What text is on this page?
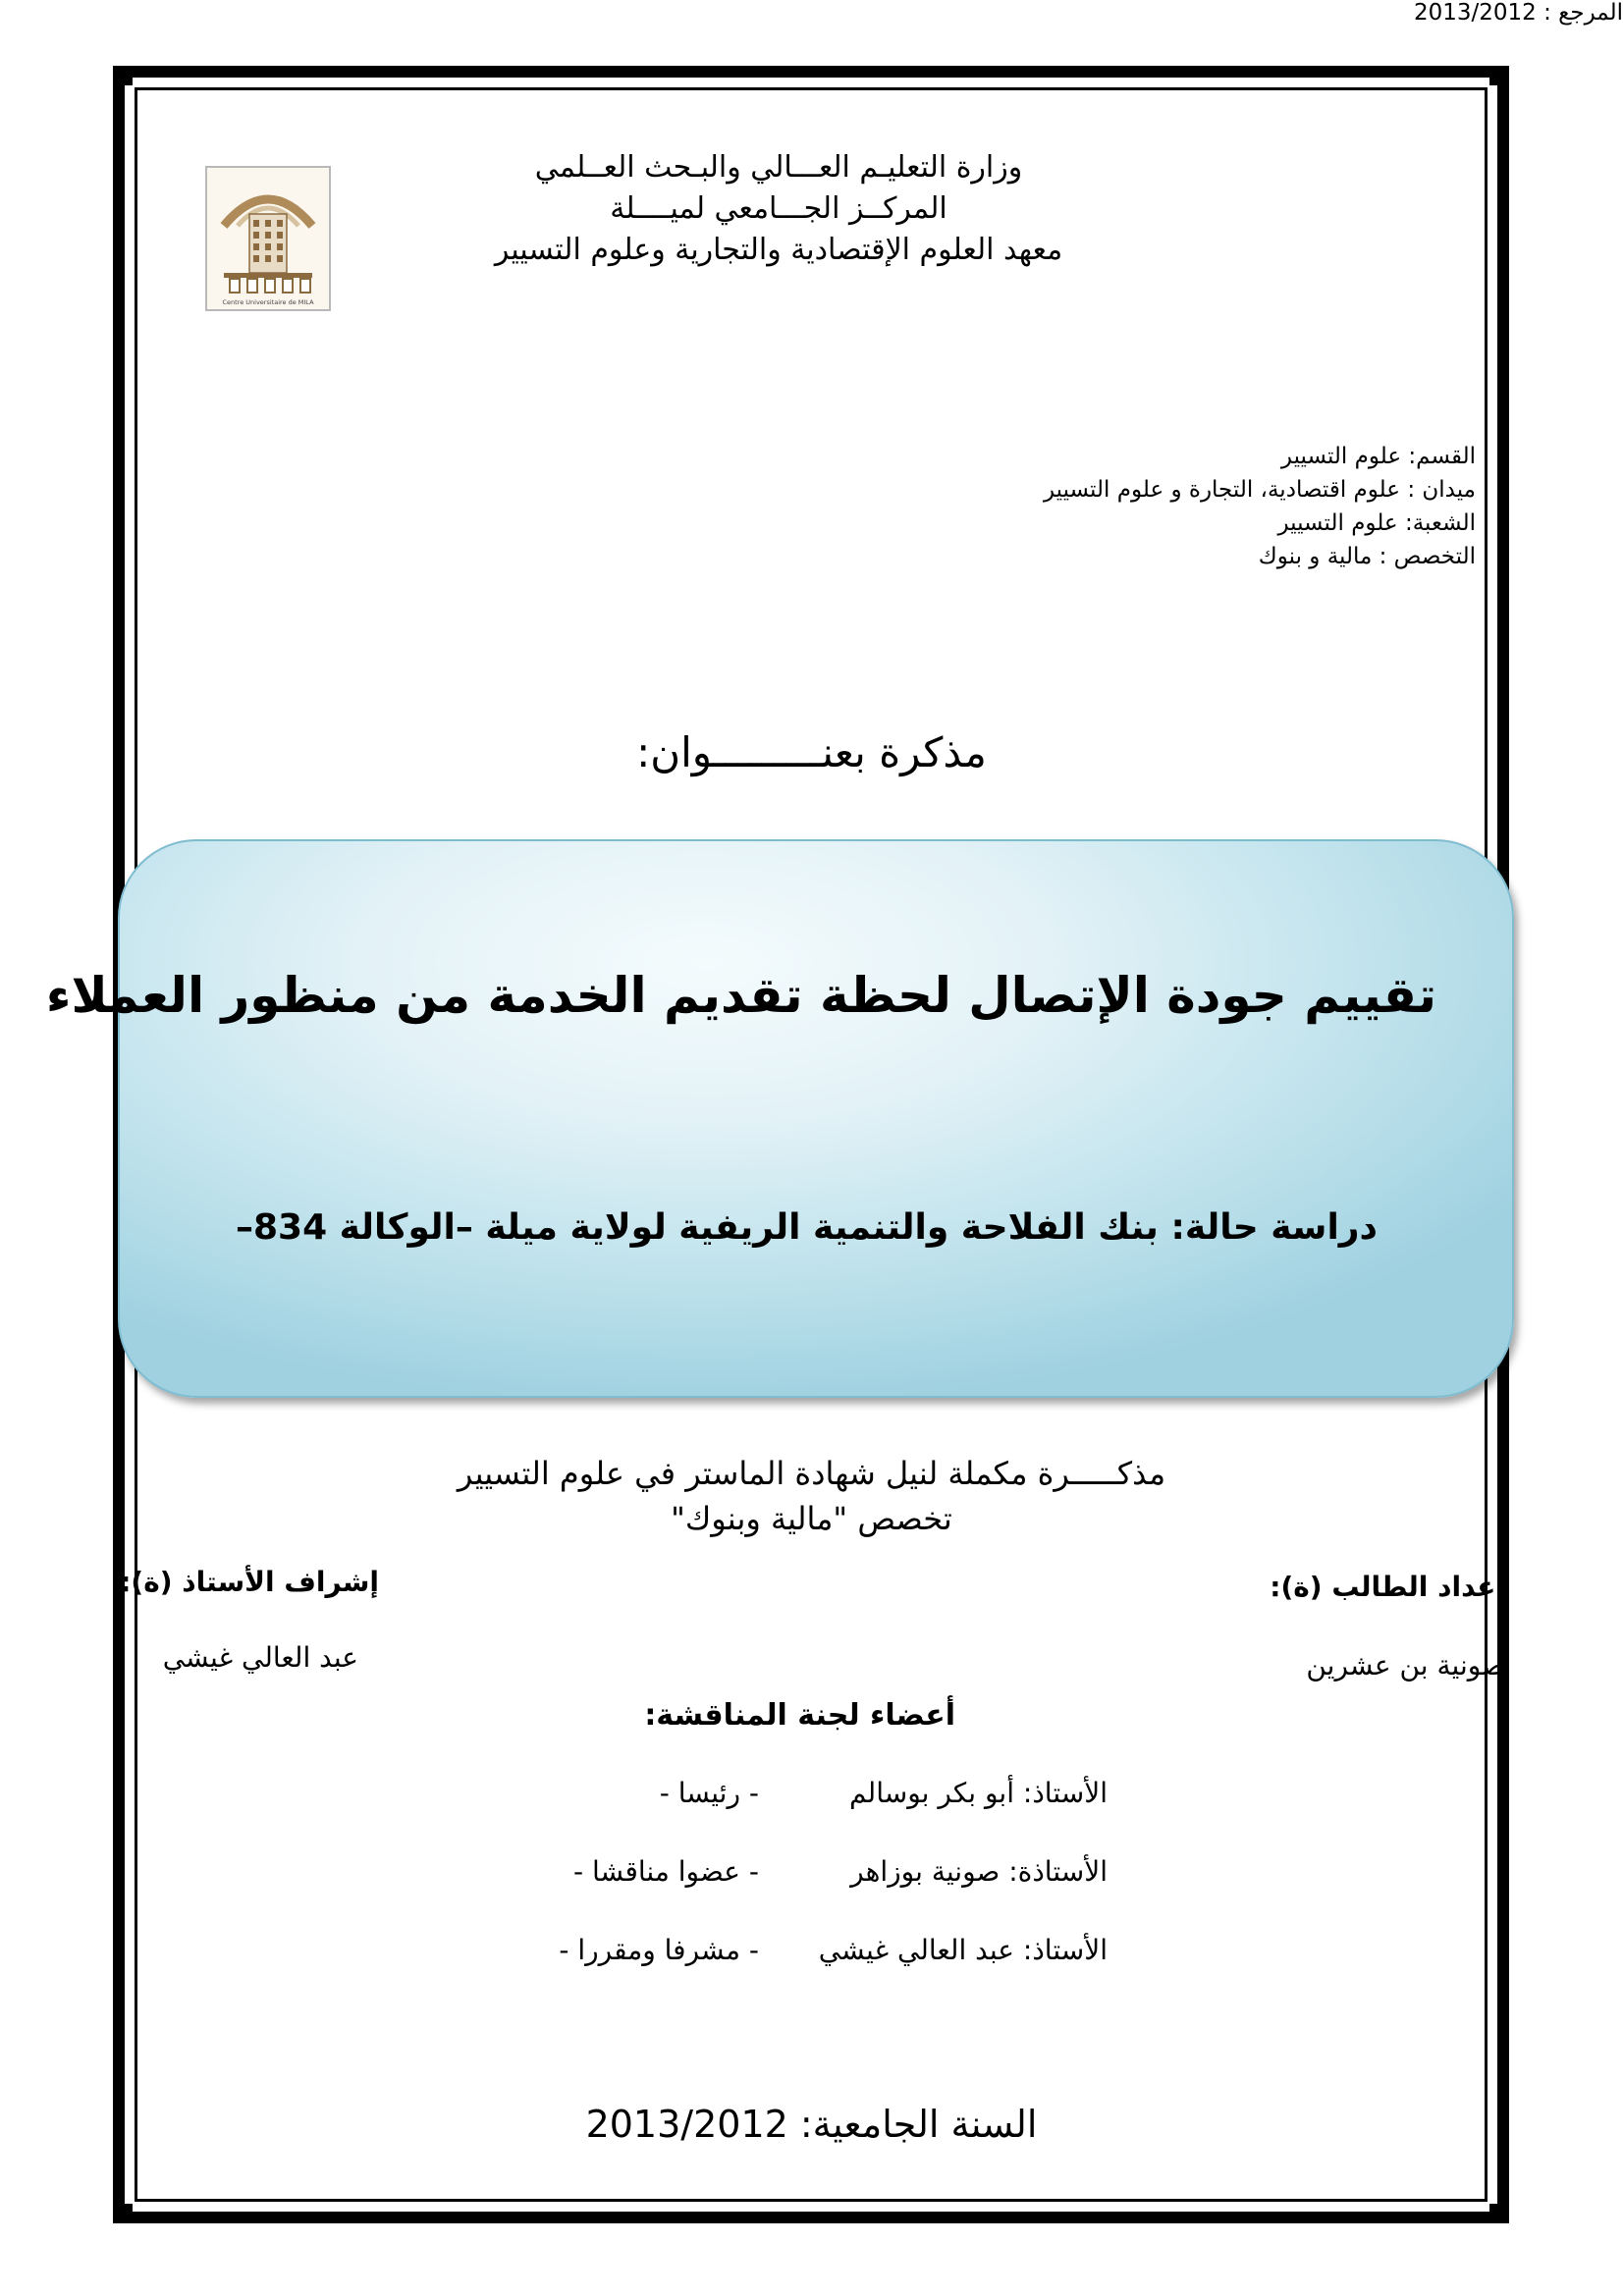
وزارة التعليـم العـــالي والبـحث العــلمي
المركــز الجـــامعي لميــــلة
معهد العلوم الإقتصادية والتجارية وعلوم التسيير
Centre Universitaire de MILA
القسم: علوم التسيير
ميدان : علوم اقتصادية، التجارة و علوم التسيير
الشعبة: علوم التسيير
التخصص : مالية و بنوك
المرجع : 2013/2012
مذكرة بعنـــــــــوان:
تقييم جودة الإتصال لحظة تقديم الخدمة من منظور العملاء
دراسة حالة: بنك الفلاحة والتنمية الريفية لولاية ميلة –الوكالة 834–
مذكـــــرة مكملة لنيل شهادة الماستر في علوم التسيير
تخصص "مالية وبنوك"
إعداد الطالب (ة):
صونية بن عشرين
إشراف الأستاذ (ة):
عبد العالي غيشي
أعضاء لجنة المناقشة:
الأستاذ: أبو بكر بوسالم
- رئيسا -
الأستاذة: صونية بوزاهر
- عضوا مناقشا -
الأستاذ: عبد العالي غيشي
- مشرفا ومقررا -
السنة الجامعية: 2013/2012
